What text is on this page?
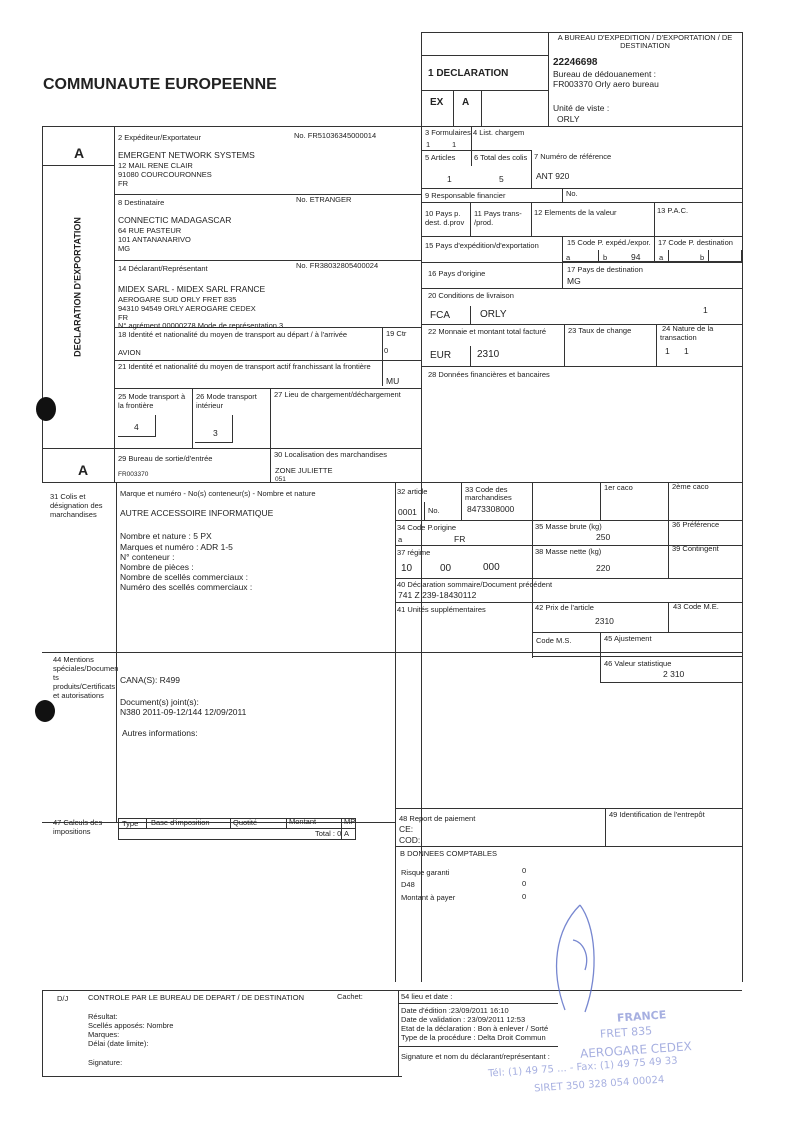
COMMUNAUTE EUROPEENNE
A BUREAU D'EXPEDITION / D'EXPORTATION / DE DESTINATION
22246698
Bureau de dédouanement :
FR003370 Orly aero bureau
Unité de viste :
ORLY
1 DECLARATION
EX A
A
A
DECLARATION D'EXPORTATION
2 Expéditeur/Exportateur	No. FR51036345000014
EMERGENT NETWORK SYSTEMS
12 MAIL RENE CLAIR
91080 COURCOURONNES
FR
8 Destinataire	No. ETRANGER
CONNECTIC MADAGASCAR
64 RUE PASTEUR
101 ANTANANARIVO
MG
14 Déclarant/Représentant	No. FR38032805400024
MIDEX SARL - MIDEX SARL FRANCE
AEROGARE SUD ORLY FRET 835
94310 94549 ORLY AEROGARE CEDEX
FR
N° agrément 00000278 Mode de représentation 3
18 Identité et nationalité du moyen de transport au départ / à l'arrivée
AVION
19 Ctr
0
21 Identité et nationalité du moyen de transport actif franchissant la frontière
MU
25 Mode transport à
la frontière
4
26 Mode transport
intérieur
3
27 Lieu de chargement/déchargement
29 Bureau de sortie/d'entrée
FR003370
30 Localisation des marchandises
ZONE JULIETTE
051
3 Formulaires
1	1
4 List. chargem
5 Articles
1
6 Total des colis
5
7 Numéro de référence
ANT 920
9 Responsable financier	No.
10 Pays p.
dest. d.prov
11 Pays trans-
/prod.
12 Elements de la valeur	13 P.A.C.
15 Pays d'expédition/d'exportation	15 Code P. expéd./expor.
a	b	94
17 Code P. destination
a	b
16 Pays d'origine	17 Pays de destination
MG
20 Conditions de livraison
FCA	ORLY	1
22 Monnaie et montant total facturé
EUR	2310
23 Taux de change	24 Nature de la
transaction
1 1
28 Données financières et bancaires
31 Colis et
désignation des
marchandises
Marque et numéro - No(s) conteneur(s) - Nombre et nature
AUTRE ACCESSOIRE INFORMATIQUE
Nombre et nature : 5 PX
Marques et numéro : ADR 1-5
N° conteneur :
Nombre de pièces :
Nombre de scellés commerciaux :
Numéro des scellés commerciaux :
32 article
0001 No.
33 Code des
marchandises
8473308000
1er caco	2ème caco
34 Code P.origine
a	FR
35 Masse brute (kg)
250
36 Préférence
37 régime
10	00	000
38 Masse nette (kg)
220
39 Contingent
40 Déclaration sommaire/Document précédent
741 Z 239-18430112
41 Unités supplémentaires	42 Prix de l'article
2310
43 Code M.E.
Code M.S.	45 Ajustement
46 Valeur statistique
2 310
44 Mentions
spéciales/Documen
ts
produits/Certificats
et autorisations
CANA(S): R499
Document(s) joint(s):
N380 2011-09-12/144 12/09/2011
Autres informations:
47 Calculs des
impositions
Type Base d'imposition	Quotité	Montant	MP
Total : 0 A
48 Report de paiement
CE:
COD:
49 Identification de l'entrepôt
B DONNEES COMPTABLES
Risque garanti	0
D48	0
Montant à payer	0
D/J	CONTROLE PAR LE BUREAU DE DEPART / DE DESTINATION	Cachet:
Résultat:
Scellés apposés: Nombre
Marques:
Délai (date limite):
Signature:
54 lieu et date :
Date d'édition :23/09/2011 16:10
Date de validation : 23/09/2011 12:53
Etat de la déclaration : Bon à enlever / Sorté
Type de la procédure : Delta Droit Commun
Signature et nom du déclarant/représentant :
FRANCE
FRET 835
AEROGARE CEDEX
Tél: (1) 49 75 ... - Fax: (1) 49 75 49 33
SIRET 350 328 054 00024
